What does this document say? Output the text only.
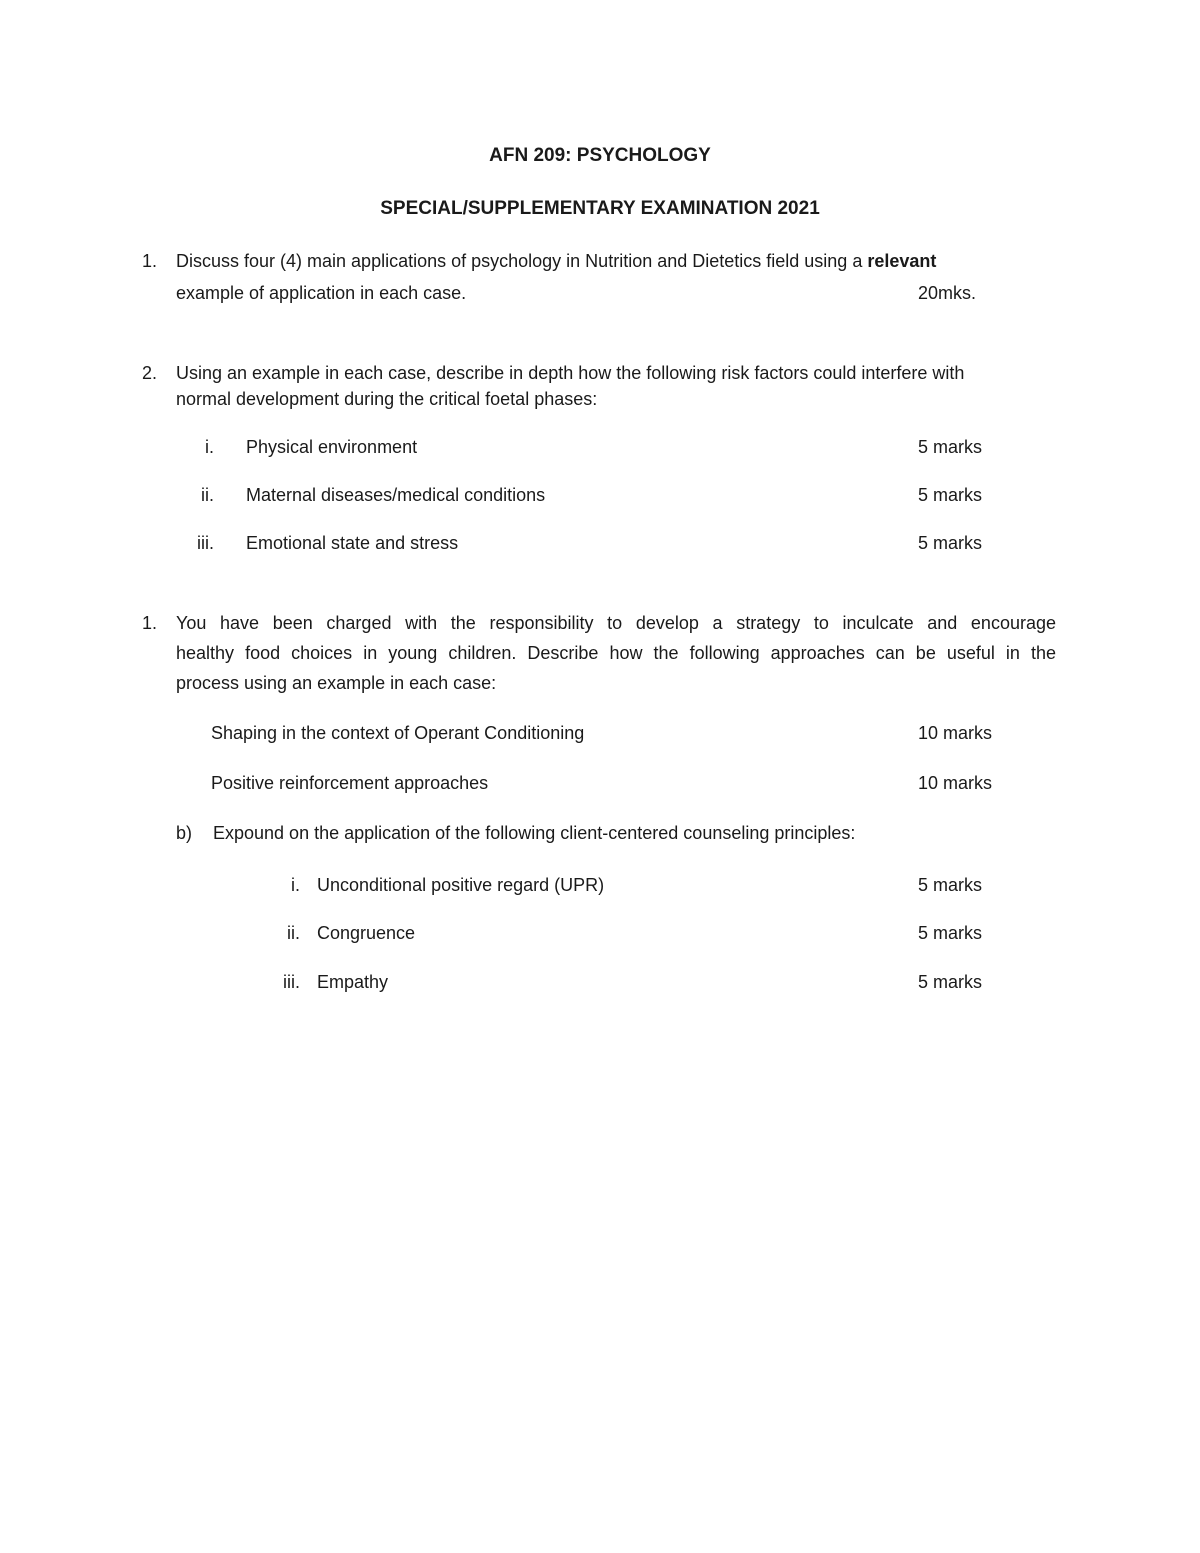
AFN 209: PSYCHOLOGY
SPECIAL/SUPPLEMENTARY EXAMINATION 2021
1. Discuss four (4) main applications of psychology in Nutrition and Dietetics field using a relevant
example of application in each case.	20mks.
2. Using an example in each case, describe in depth how the following risk factors could interfere with
normal development during the critical foetal phases:
i. Physical environment	5 marks
ii. Maternal diseases/medical conditions	5 marks
iii. Emotional state and stress	5 marks
1. You have been charged with the responsibility to develop a strategy to inculcate and encourage
healthy food choices in young children. Describe how the following approaches can be useful in the
process using an example in each case:
Shaping in the context of Operant Conditioning	10 marks
Positive reinforcement approaches	10 marks
b) Expound on the application of the following client-centered counseling principles:
i. Unconditional positive regard (UPR)	5 marks
ii. Congruence	5 marks
iii. Empathy	5 marks
